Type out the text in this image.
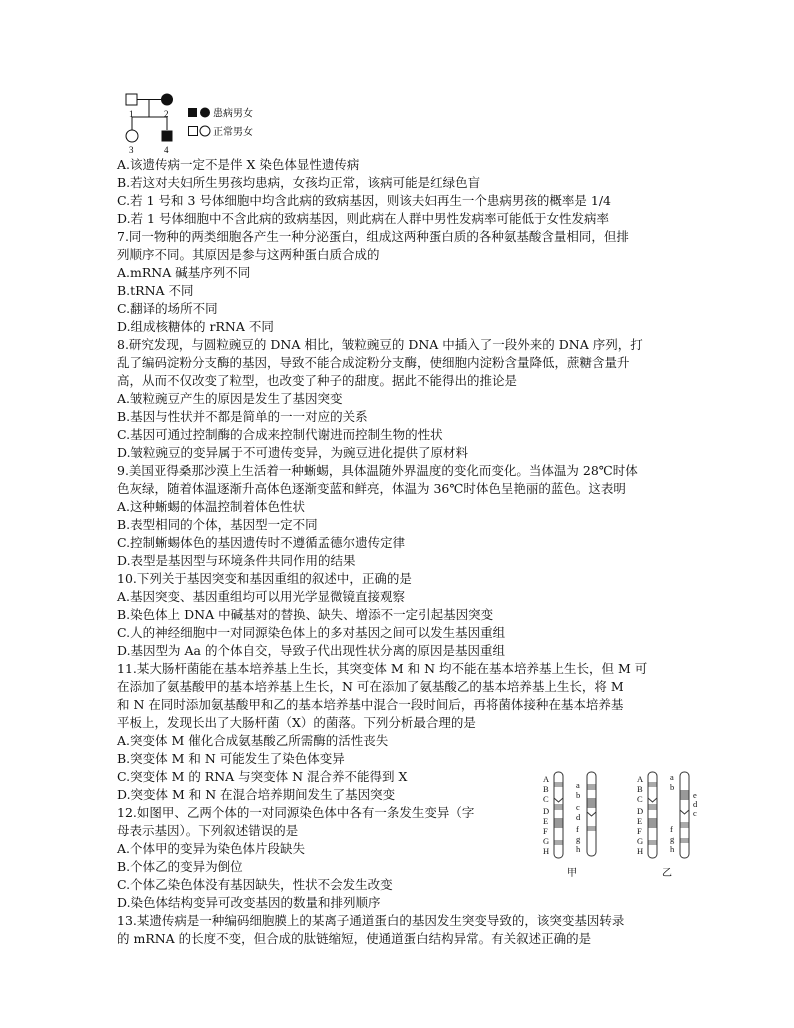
1	2
3	4
患病男女
正常男女
A.该遗传病一定不是伴 X 染色体显性遗传病
B.若这对夫妇所生男孩均患病，女孩均正常，该病可能是红绿色盲
C.若 1 号和 3 号体细胞中均含此病的致病基因，则该夫妇再生一个患病男孩的概率是 1/4
D.若 1 号体细胞中不含此病的致病基因，则此病在人群中男性发病率可能低于女性发病率
7.同一物种的两类细胞各产生一种分泌蛋白，组成这两种蛋白质的各种氨基酸含量相同，但排
列顺序不同。其原因是参与这两种蛋白质合成的
A.mRNA 碱基序列不同
B.tRNA 不同
C.翻译的场所不同
D.组成核糖体的 rRNA 不同
8.研究发现，与圆粒豌豆的 DNA 相比，皱粒豌豆的 DNA 中插入了一段外来的 DNA 序列，打
乱了编码淀粉分支酶的基因，导致不能合成淀粉分支酶，使细胞内淀粉含量降低，蔗糖含量升
高，从而不仅改变了粒型，也改变了种子的甜度。据此不能得出的推论是
A.皱粒豌豆产生的原因是发生了基因突变
B.基因与性状并不都是简单的一一对应的关系
C.基因可通过控制酶的合成来控制代谢进而控制生物的性状
D.皱粒豌豆的变异属于不可遗传变异，为豌豆进化提供了原材料
9.美国亚得桑那沙漠上生活着一种蜥蜴，具体温随外界温度的变化而变化。当体温为 28℃时体
色灰绿，随着体温逐渐升高体色逐渐变蓝和鲜亮，体温为 36℃时体色呈艳丽的蓝色。这表明
A.这种蜥蜴的体温控制着体色性状
B.表型相同的个体，基因型一定不同
C.控制蜥蜴体色的基因遗传时不遵循孟德尔遗传定律
D.表型是基因型与环境条件共同作用的结果
10.下列关于基因突变和基因重组的叙述中，正确的是
A.基因突变、基因重组均可以用光学显微镜直接观察
B.染色体上 DNA 中碱基对的替换、缺失、增添不一定引起基因突变
C.人的神经细胞中一对同源染色体上的多对基因之间可以发生基因重组
D.基因型为 Aa 的个体自交，导致子代出现性状分离的原因是基因重组
11.某大肠杆菌能在基本培养基上生长，其突变体 M 和 N 均不能在基本培养基上生长，但 M 可
在添加了氨基酸甲的基本培养基上生长，N 可在添加了氨基酸乙的基本培养基上生长，将 M
和 N 在同时添加氨基酸甲和乙的基本培养基中混合一段时间后，再将菌体接种在基本培养基
平板上，发现长出了大肠杆菌（X）的菌落。下列分析最合理的是
A.突变体 M 催化合成氨基酸乙所需酶的活性丧失
B.突变体 M 和 N 可能发生了染色体变异
C.突变体 M 的 RNA 与突变体 N 混合养不能得到 X
D.突变体 M 和 N 在混合培养期间发生了基因突变
12.如图甲、乙两个体的一对同源染色体中各有一条发生变异（字
母表示基因）。下列叙述错误的是
A.个体甲的变异为染色体片段缺失
B.个体乙的变异为倒位
C.个体乙染色体没有基因缺失，性状不会发生改变
D.染色体结构变异可改变基因的数量和排列顺序
13.某遗传病是一种编码细胞膜上的某离子通道蛋白的基因发生突变导致的，该突变基因转录
的 mRNA 的长度不变，但合成的肽链缩短，使通道蛋白结构异常。有关叙述正确的是
A
B
C
D
E
F
G
H
a
b
c
d
f
g
h
A
B
C
D
E
F
G
H
a
b
e
d
c
f
g
h
甲	乙
